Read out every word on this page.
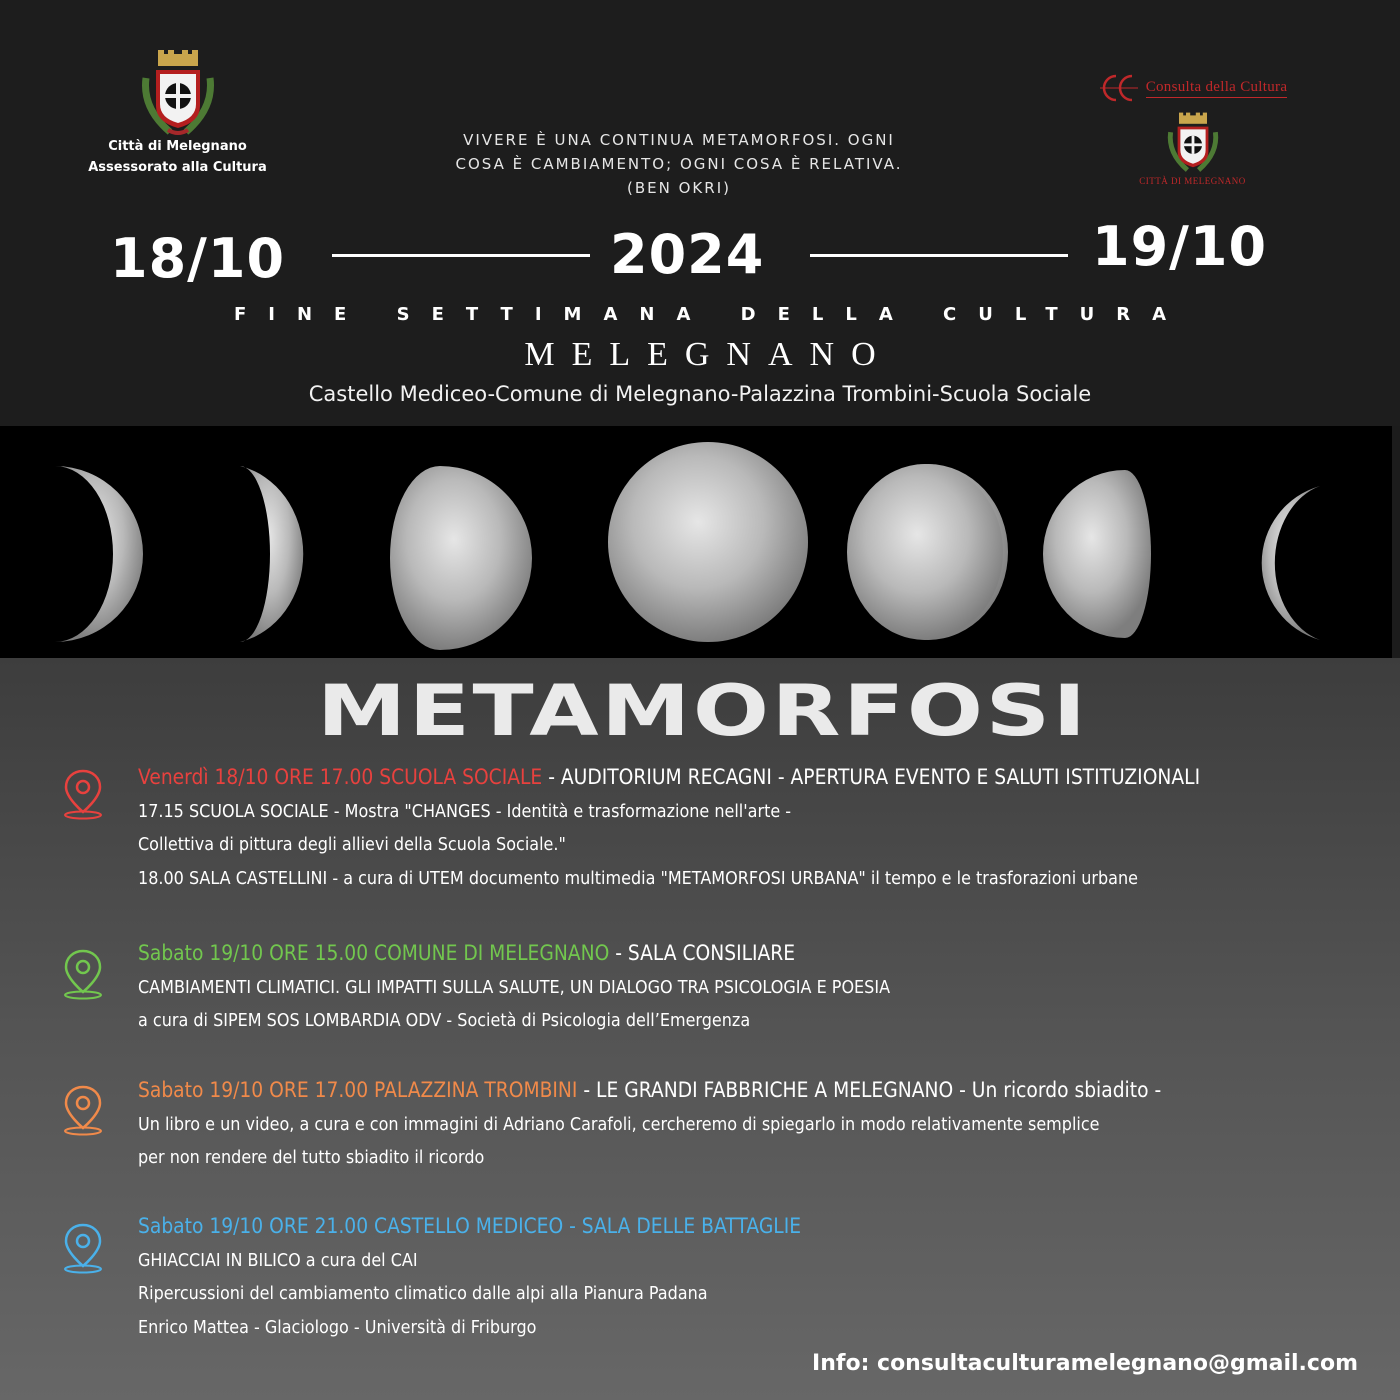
Città di Melegnano
Assessorato alla Cultura
VIVERE È UNA CONTINUA METAMORFOSI. OGNI COSA È CAMBIAMENTO; OGNI COSA È RELATIVA. (BEN OKRI)
Consulta della Cultura
CITTÀ DI MELEGNANO
18/10	2024	19/10
FINE SETTIMANA DELLA CULTURA
MELEGNANO
Castello Mediceo-Comune di Melegnano-Palazzina Trombini-Scuola Sociale
METAMORFOSI
Venerdì 18/10 ORE 17.00 SCUOLA SOCIALE - AUDITORIUM RECAGNI - APERTURA EVENTO E SALUTI ISTITUZIONALI
17.15 SCUOLA SOCIALE - Mostra "CHANGES - Identità e trasformazione nell'arte -
Collettiva di pittura degli allievi della Scuola Sociale."
18.00 SALA CASTELLINI - a cura di UTEM documento multimedia "METAMORFOSI URBANA" il tempo e le trasforazioni urbane
Sabato 19/10 ORE 15.00 COMUNE DI MELEGNANO - SALA CONSILIARE
CAMBIAMENTI CLIMATICI. GLI IMPATTI SULLA SALUTE, UN DIALOGO TRA PSICOLOGIA E POESIA
a cura di SIPEM SOS LOMBARDIA ODV - Società di Psicologia dell’Emergenza
Sabato 19/10 ORE 17.00 PALAZZINA TROMBINI - LE GRANDI FABBRICHE A MELEGNANO - Un ricordo sbiadito -
Un libro e un video, a cura e con immagini di Adriano Carafoli, cercheremo di spiegarlo in modo relativamente semplice
per non rendere del tutto sbiadito il ricordo
Sabato 19/10 ORE 21.00 CASTELLO MEDICEO - SALA DELLE BATTAGLIE
GHIACCIAI IN BILICO a cura del CAI
Ripercussioni del cambiamento climatico dalle alpi alla Pianura Padana
Enrico Mattea - Glaciologo - Università di Friburgo
Info: consultaculturamelegnano@gmail.com
